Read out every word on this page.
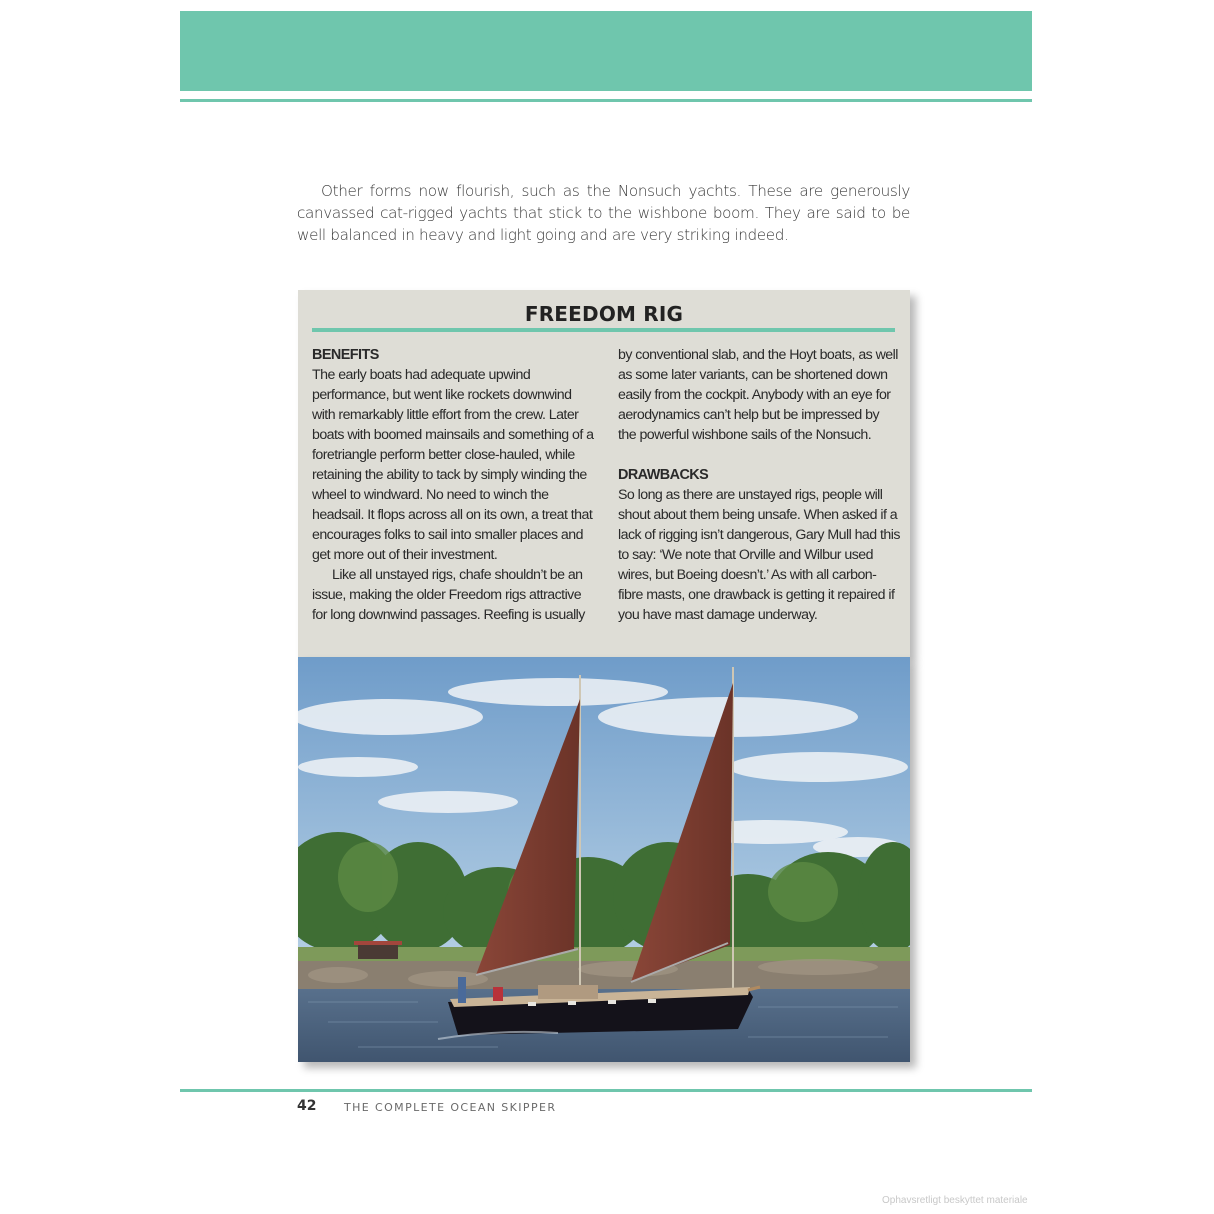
Other forms now flourish, such as the Nonsuch yachts. These are generously canvassed cat-rigged yachts that stick to the wishbone boom. They are said to be well balanced in heavy and light going and are very striking indeed.

FREEDOM RIG

BENEFITS

The early boats had adequate upwind performance, but went like rockets downwind with remarkably little effort from the crew. Later boats with boomed mainsails and something of a foretriangle perform better close-hauled, while retaining the ability to tack by simply winding the wheel to windward. No need to winch the headsail. It flops across all on its own, a treat that encourages folks to sail into smaller places and get more out of their investment.

Like all unstayed rigs, chafe shouldn’t be an issue, making the older Freedom rigs attractive for long downwind passages. Reefing is usually

by conventional slab, and the Hoyt boats, as well as some later variants, can be shortened down easily from the cockpit. Anybody with an eye for aerodynamics can’t help but be impressed by the powerful wishbone sails of the Nonsuch.

DRAWBACKS

So long as there are unstayed rigs, people will shout about them being unsafe. When asked if a lack of rigging isn’t dangerous, Gary Mull had this to say: ‘We note that Orville and Wilbur used wires, but Boeing doesn’t.’ As with all carbon-fibre masts, one drawback is getting it repaired if you have mast damage underway.

42	THE COMPLETE OCEAN SKIPPER
Ophavsretligt beskyttet materiale
